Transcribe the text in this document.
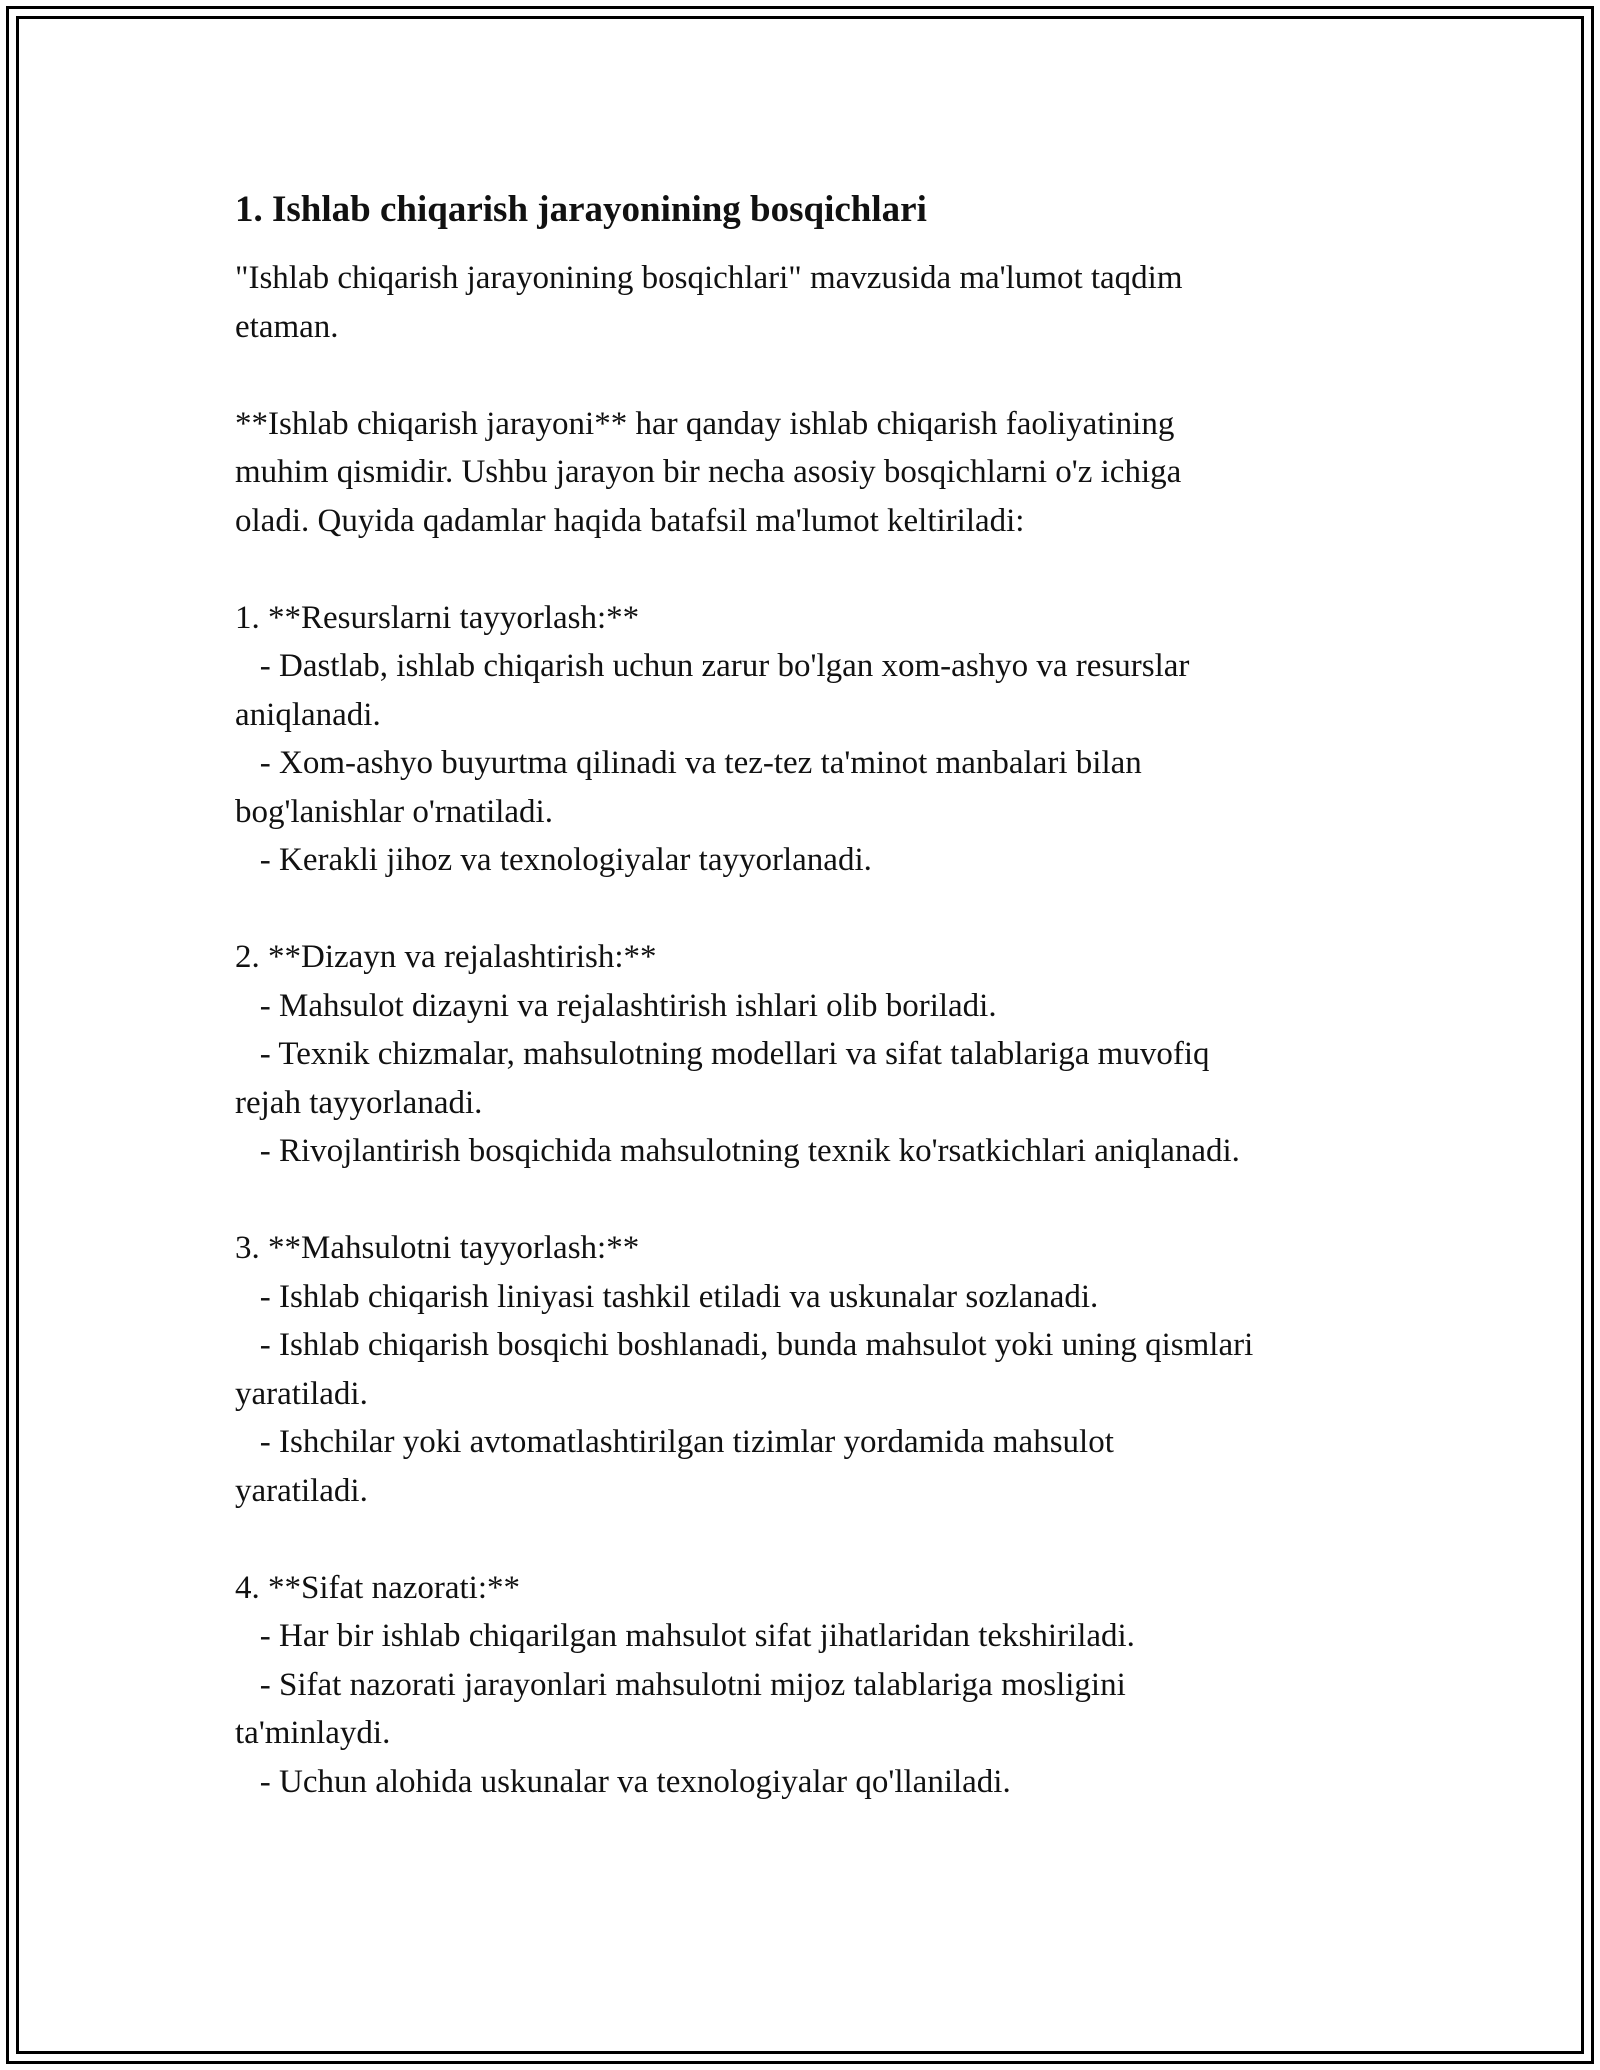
1. Ishlab chiqarish jarayonining bosqichlari

"Ishlab chiqarish jarayonining bosqichlari" mavzusida ma'lumot taqdim
etaman.

**Ishlab chiqarish jarayoni** har qanday ishlab chiqarish faoliyatining
muhim qismidir. Ushbu jarayon bir necha asosiy bosqichlarni o'z ichiga
oladi. Quyida qadamlar haqida batafsil ma'lumot keltiriladi:

1. **Resurslarni tayyorlash:**

- Dastlab, ishlab chiqarish uchun zarur bo'lgan xom-ashyo va resurslar
aniqlanadi.
- Xom-ashyo buyurtma qilinadi va tez-tez ta'minot manbalari bilan
bog'lanishlar o'rnatiladi.
- Kerakli jihoz va texnologiyalar tayyorlanadi.

2. **Dizayn va rejalashtirish:**

- Mahsulot dizayni va rejalashtirish ishlari olib boriladi.
- Texnik chizmalar, mahsulotning modellari va sifat talablariga muvofiq
rejah tayyorlanadi.
- Rivojlantirish bosqichida mahsulotning texnik ko'rsatkichlari aniqlanadi.

3. **Mahsulotni tayyorlash:**

- Ishlab chiqarish liniyasi tashkil etiladi va uskunalar sozlanadi.
- Ishlab chiqarish bosqichi boshlanadi, bunda mahsulot yoki uning qismlari
yaratiladi.
- Ishchilar yoki avtomatlashtirilgan tizimlar yordamida mahsulot
yaratiladi.

4. **Sifat nazorati:**

- Har bir ishlab chiqarilgan mahsulot sifat jihatlaridan tekshiriladi.
- Sifat nazorati jarayonlari mahsulotni mijoz talablariga mosligini
ta'minlaydi.
- Uchun alohida uskunalar va texnologiyalar qo'llaniladi.
